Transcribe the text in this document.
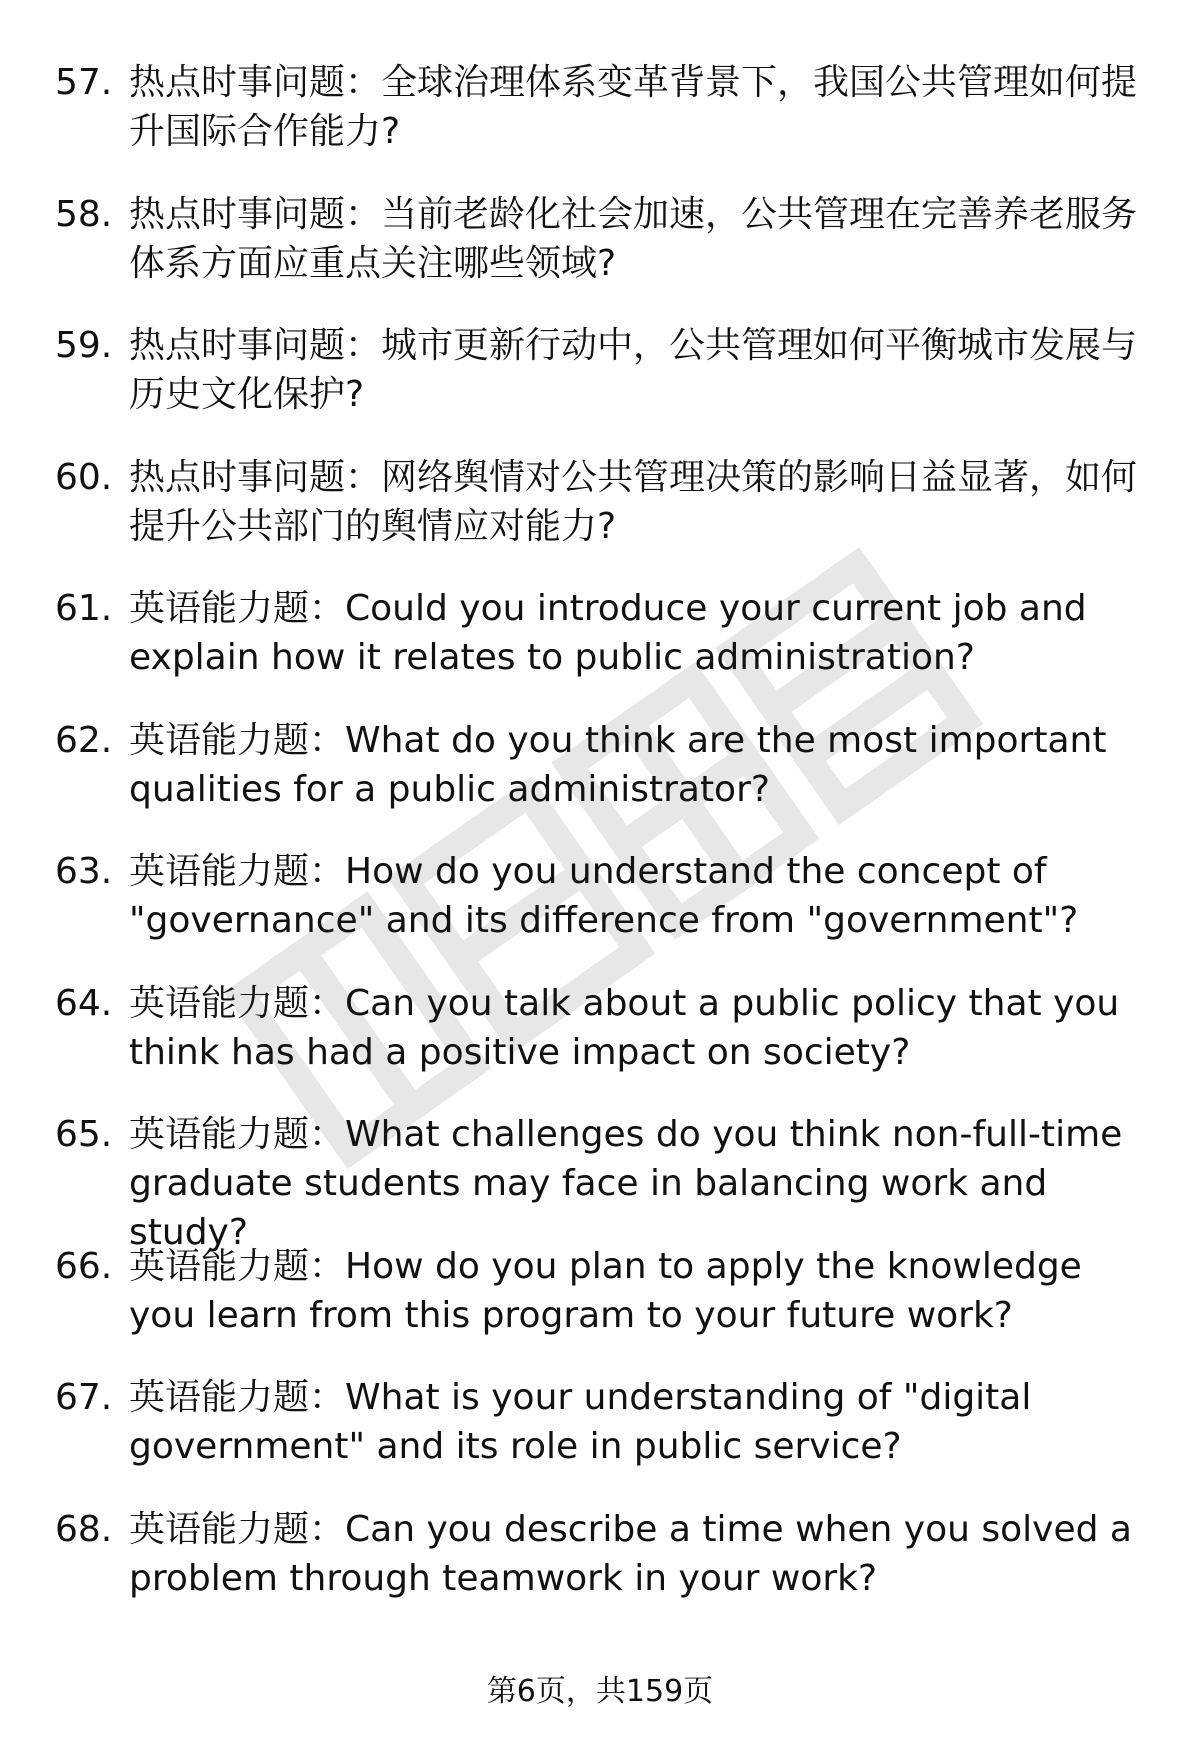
57. 热点时事问题：全球治理体系变革背景下，我国公共管理如何提升国际合作能力?
58. 热点时事问题：当前老龄化社会加速，公共管理在完善养老服务体系方面应重点关注哪些领域?
59. 热点时事问题：城市更新行动中，公共管理如何平衡城市发展与历史文化保护?
60. 热点时事问题：网络舆情对公共管理决策的影响日益显著，如何提升公共部门的舆情应对能力?
61. 英语能力题：Could you introduce your current job and explain how it relates to public administration?
62. 英语能力题：What do you think are the most important qualities for a public administrator?
63. 英语能力题：How do you understand the concept of "governance" and its difference from "government"?
64. 英语能力题：Can you talk about a public policy that you think has had a positive impact on society?
65. 英语能力题：What challenges do you think non-full-time graduate students may face in balancing work and study?
66. 英语能力题：How do you plan to apply the knowledge you learn from this program to your future work?
67. 英语能力题：What is your understanding of "digital government" and its role in public service?
68. 英语能力题：Can you describe a time when you solved a problem through teamwork in your work?
第6页，共159页
